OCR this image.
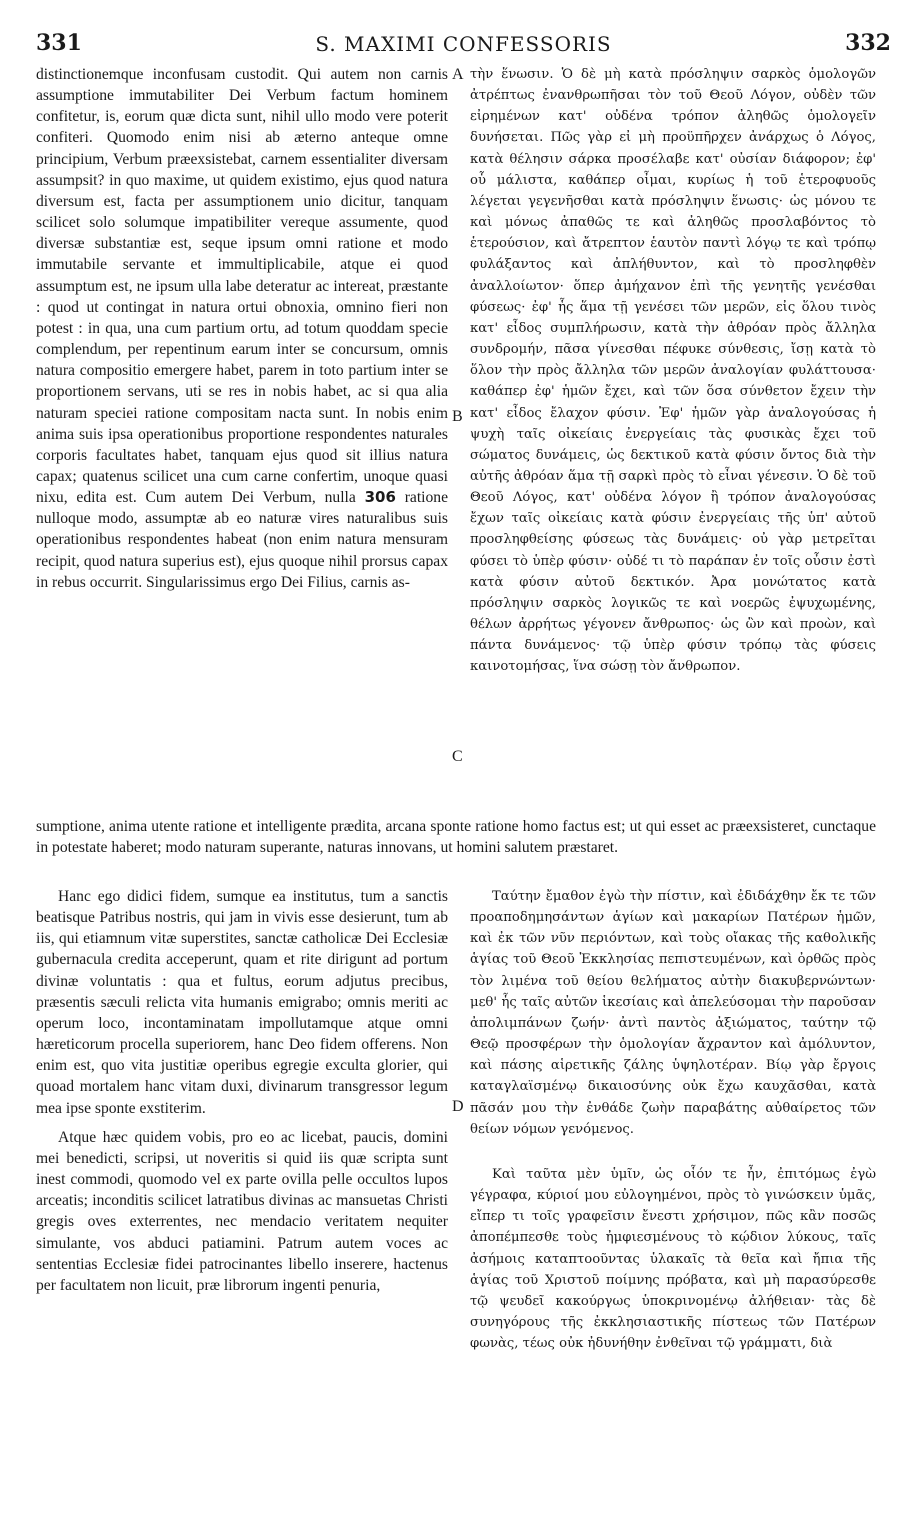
331	S. MAXIMI CONFESSORIS	332

distinctionemque inconfusam custodit. Qui autem non carnis assumptione immutabiliter Dei Verbum factum hominem confitetur, is, eorum quæ dicta sunt, nihil ullo modo vere poterit confiteri. Quomodo enim nisi ab æterno anteque omne principium, Verbum præexsistebat, carnem essentialiter diversam assumpsit? in quo maxime, ut quidem existimo, ejus quod natura diversum est, facta per assumptionem unio dicitur, tanquam scilicet solo solumque impatibiliter vereque assumente, quod diversæ substantiæ est, seque ipsum omni ratione et modo immutabile servante et immultiplicabile, atque ei quod assumptum est, ne ipsum ulla labe deteratur ac intereat, præstante : quod ut contingat in natura ortui obnoxia, omnino fieri non potest : in qua, una cum partium ortu, ad totum quoddam specie complendum, per repentinum earum inter se concursum, omnis natura compositio emergere habet, parem in toto partium inter se proportionem servans, uti se res in nobis habet, ac si qua alia naturam speciei ratione compositam nacta sunt. In nobis enim anima suis ipsa operationibus proportione respondentes naturales corporis facultates habet, tanquam ejus quod sit illius natura capax; quatenus scilicet una cum carne confertim, unoque quasi nixu, edita est. Cum autem Dei Verbum, nulla 306 ratione nulloque modo, assumptæ ab eo naturæ vires naturalibus suis operationibus respondentes habeat (non enim natura mensuram recipit, quod natura superius est), ejus quoque nihil prorsus capax in rebus occurrit. Singularissimus ergo Dei Filius, carnis as-

τὴν ἕνωσιν. Ὁ δὲ μὴ κατὰ πρόσληψιν σαρκὸς ὁμολογῶν ἀτρέπτως ἐνανθρωπῆσαι τὸν τοῦ Θεοῦ Λόγον, οὐδὲν τῶν εἰρημένων κατ' οὐδένα τρόπον ἀληθῶς ὁμολογεῖν δυνήσεται. Πῶς γὰρ εἰ μὴ προϋπῆρχεν ἀνάρχως ὁ Λόγος, κατὰ θέλησιν σάρκα προσέλαβε κατ' οὐσίαν διάφορον; ἐφ' οὗ μάλιστα, καθάπερ οἶμαι, κυρίως ἡ τοῦ ἑτεροφυοῦς λέγεται γεγενῆσθαι κατὰ πρόσληψιν ἕνωσις· ὡς μόνου τε καὶ μόνως ἀπαθῶς τε καὶ ἀληθῶς προσλαβόντος τὸ ἑτερούσιον, καὶ ἄτρεπτον ἑαυτὸν παντὶ λόγῳ τε καὶ τρόπῳ φυλάξαντος καὶ ἀπλήθυντον, καὶ τὸ προσληφθὲν ἀναλλοίωτον· ὅπερ ἀμήχανον ἐπὶ τῆς γενητῆς γενέσθαι φύσεως· ἐφ' ἧς ἅμα τῇ γενέσει τῶν μερῶν, εἰς ὅλου τινὸς κατ' εἶδος συμπλήρωσιν, κατὰ τὴν ἀθρόαν πρὸς ἄλληλα συνδρομήν, πᾶσα γίνεσθαι πέφυκε σύνθεσις, ἴσῃ κατὰ τὸ ὅλον τὴν πρὸς ἄλληλα τῶν μερῶν ἀναλογίαν φυλάττουσα· καθάπερ ἐφ' ἡμῶν ἔχει, καὶ τῶν ὅσα σύνθετον ἔχειν τὴν κατ' εἶδος ἔλαχον φύσιν. Ἐφ' ἡμῶν γὰρ ἀναλογούσας ἡ ψυχὴ ταῖς οἰκείαις ἐνεργείαις τὰς φυσικὰς ἔχει τοῦ σώματος δυνάμεις, ὡς δεκτικοῦ κατὰ φύσιν ὄντος διὰ τὴν αὐτῆς ἀθρόαν ἅμα τῇ σαρκὶ πρὸς τὸ εἶναι γένεσιν. Ὁ δὲ τοῦ Θεοῦ Λόγος, κατ' οὐδένα λόγον ἢ τρόπον ἀναλογούσας ἔχων ταῖς οἰκείαις κατὰ φύσιν ἐνεργείαις τῆς ὑπ' αὐτοῦ προσληφθείσης φύσεως τὰς δυνάμεις· οὐ γὰρ μετρεῖται φύσει τὸ ὑπὲρ φύσιν· οὐδέ τι τὸ παράπαν ἐν τοῖς οὖσιν ἐστὶ κατὰ φύσιν αὐτοῦ δεκτικόν. Ἀρα μονώτατος κατὰ πρόσληψιν σαρκὸς λογικῶς τε καὶ νοερῶς ἐψυχωμένης, θέλων ἀρρήτως γέγονεν ἄνθρωπος· ὡς ὢν καὶ προὼν, καὶ πάντα δυνάμενος· τῷ ὑπὲρ φύσιν τρόπῳ τὰς φύσεις καινοτομήσας, ἵνα σώσῃ τὸν ἄνθρωπον.

A
B
C
D
sumptione, anima utente ratione et intelligente prædita, arcana sponte ratione homo factus est; ut qui esset ac præexsisteret, cunctaque in potestate haberet; modo naturam superante, naturas innovans, ut homini salutem præstaret.

Hanc ego didici fidem, sumque ea institutus, tum a sanctis beatisque Patribus nostris, qui jam in vivis esse desierunt, tum ab iis, qui etiamnum vitæ superstites, sanctæ catholicæ Dei Ecclesiæ gubernacula credita acceperunt, quam et rite dirigunt ad portum divinæ voluntatis : qua et fultus, eorum adjutus precibus, præsentis sæculi relicta vita humanis emigrabo; omnis meriti ac operum loco, incontaminatam impollutamque atque omni hæreticorum procella superiorem, hanc Deo fidem offerens. Non enim est, quo vita justitiæ operibus egregie exculta glorier, qui quoad mortalem hanc vitam duxi, divinarum transgressor legum mea ipse sponte exstiterim.

Atque hæc quidem vobis, pro eo ac licebat, paucis, domini mei benedicti, scripsi, ut noveritis si quid iis quæ scripta sunt inest commodi, quomodo vel ex parte ovilla pelle occultos lupos arceatis; inconditis scilicet latratibus divinas ac mansuetas Christi gregis oves exterrentes, nec mendacio veritatem nequiter simulante, vos abduci patiamini. Patrum autem voces ac sententias Ecclesiæ fidei patrocinantes libello inserere, hactenus per facultatem non licuit, præ librorum ingenti penuria,

Ταύτην ἔμαθον ἐγὼ τὴν πίστιν, καὶ ἐδιδάχθην ἔκ τε τῶν προαποδημησάντων ἁγίων καὶ μακαρίων Πατέρων ἡμῶν, καὶ ἐκ τῶν νῦν περιόντων, καὶ τοὺς οἴακας τῆς καθολικῆς ἁγίας τοῦ Θεοῦ Ἐκκλησίας πεπιστευμένων, καὶ ὀρθῶς πρὸς τὸν λιμένα τοῦ θείου θελήματος αὐτὴν διακυβερνώντων· μεθ' ἧς ταῖς αὐτῶν ἱκεσίαις καὶ ἀπελεύσομαι τὴν παροῦσαν ἀπολιμπάνων ζωήν· ἀντὶ παντὸς ἀξιώματος, ταύτην τῷ Θεῷ προσφέρων τὴν ὁμολογίαν ἄχραντον καὶ ἀμόλυντον, καὶ πάσης αἱρετικῆς ζάλης ὑψηλοτέραν. Βίῳ γὰρ ἔργοις καταγλαϊσμένῳ δικαιοσύνης οὐκ ἔχω καυχᾶσθαι, κατὰ πᾶσάν μου τὴν ἐνθάδε ζωὴν παραβάτης αὐθαίρετος τῶν θείων νόμων γενόμενος.

Καὶ ταῦτα μὲν ὑμῖν, ὡς οἷόν τε ἦν, ἐπιτόμως ἐγὼ γέγραφα, κύριοί μου εὐλογημένοι, πρὸς τὸ γινώσκειν ὑμᾶς, εἴπερ τι τοῖς γραφεῖσιν ἔνεστι χρήσιμον, πῶς κἂν ποσῶς ἀποπέμπεσθε τοὺς ἠμφιεσμένους τὸ κῴδιον λύκους, ταῖς ἀσήμοις καταπτοοῦντας ὑλακαῖς τὰ θεῖα καὶ ἤπια τῆς ἁγίας τοῦ Χριστοῦ ποίμνης πρόβατα, καὶ μὴ παρασύρεσθε τῷ ψευδεῖ κακούργως ὑποκρινομένῳ ἀλήθειαν· τὰς δὲ συνηγόρους τῆς ἐκκλησιαστικῆς πίστεως τῶν Πατέρων φωνὰς, τέως οὐκ ἠδυνήθην ἐνθεῖναι τῷ γράμματι, διὰ
